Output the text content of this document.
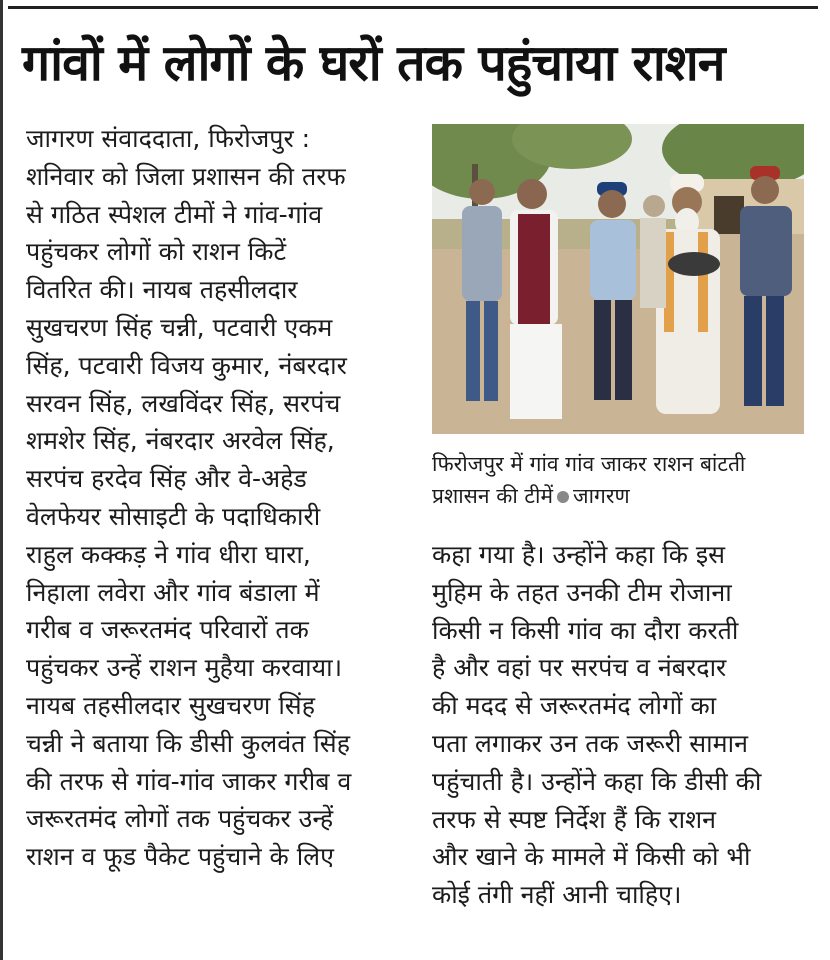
गांवों में लोगों के घरों तक पहुंचाया राशन
जागरण संवाददाता, फिरोजपुर :
शनिवार को जिला प्रशासन की तरफ
से गठित स्पेशल टीमों ने गांव-गांव
पहुंचकर लोगों को राशन किटें
वितरित की। नायब तहसीलदार
सुखचरण सिंह चन्नी, पटवारी एकम
सिंह, पटवारी विजय कुमार, नंबरदार
सरवन सिंह, लखविंदर सिंह, सरपंच
शमशेर सिंह, नंबरदार अरवेल सिंह,
सरपंच हरदेव सिंह और वे-अहेड
वेलफेयर सोसाइटी के पदाधिकारी
राहुल कक्कड़ ने गांव धीरा घारा,
निहाला लवेरा और गांव बंडाला में
गरीब व जरूरतमंद परिवारों तक
पहुंचकर उन्हें राशन मुहैया करवाया।
नायब तहसीलदार सुखचरण सिंह
चन्नी ने बताया कि डीसी कुलवंत सिंह
की तरफ से गांव-गांव जाकर गरीब व
जरूरतमंद लोगों तक पहुंचकर उन्हें
राशन व फूड पैकेट पहुंचाने के लिए
फिरोजपुर में गांव गांव जाकर राशन बांटती
प्रशासन की टीमें जागरण
कहा गया है। उन्होंने कहा कि इस
मुहिम के तहत उनकी टीम रोजाना
किसी न किसी गांव का दौरा करती
है और वहां पर सरपंच व नंबरदार
की मदद से जरूरतमंद लोगों का
पता लगाकर उन तक जरूरी सामान
पहुंचाती है। उन्होंने कहा कि डीसी की
तरफ से स्पष्ट निर्देश हैं कि राशन
और खाने के मामले में किसी को भी
कोई तंगी नहीं आनी चाहिए।
